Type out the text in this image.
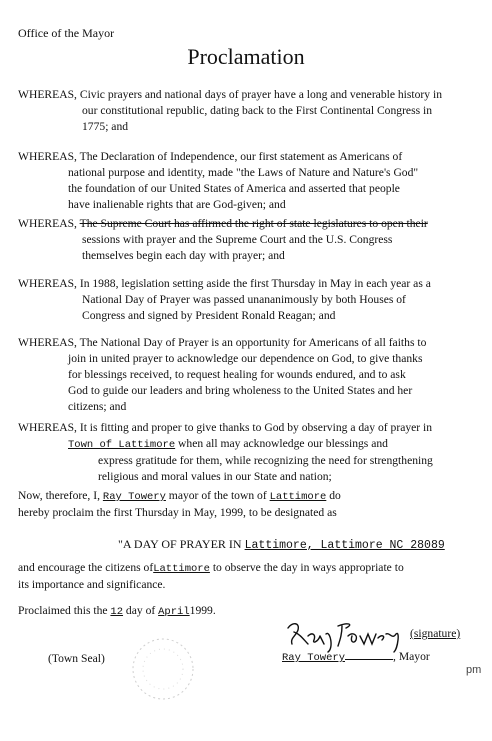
Office of the Mayor
Proclamation
WHEREAS, Civic prayers and national days of prayer have a long and venerable history in
our constitutional republic, dating back to the First Continental Congress in
1775; and
WHEREAS, The Declaration of Independence, our first statement as Americans of
national purpose and identity, made "the Laws of Nature and Nature's God"
the foundation of our United States of America and asserted that people
have inalienable rights that are God-given; and
WHEREAS, The Supreme Court has affirmed the right of state legislatures to open their
sessions with prayer and the Supreme Court and the U.S. Congress
themselves begin each day with prayer; and
WHEREAS, In 1988, legislation setting aside the first Thursday in May in each year as a
National Day of Prayer was passed unananimously by both Houses of
Congress and signed by President Ronald Reagan; and
WHEREAS, The National Day of Prayer is an opportunity for Americans of all faiths to
join in united prayer to acknowledge our dependence on God, to give thanks
for blessings received, to request healing for wounds endured, and to ask
God to guide our leaders and bring wholeness to the United States and her
citizens; and
WHEREAS, It is fitting and proper to give thanks to God by observing a day of prayer in
Town of Lattimore when all may acknowledge our blessings and
express gratitude for them, while recognizing the need for strengthening
religious and moral values in our State and nation;
Now, therefore, I, Ray Towery mayor of the town of Lattimore do
hereby proclaim the first Thursday in May, 1999, to be designated as
"A DAY OF PRAYER IN Lattimore, Lattimore NC 28089
and encourage the citizens ofLattimore to observe the day in ways appropriate to
its importance and significance.
Proclaimed this the 12 day of April1999.
(signature)
Ray Towery	, Mayor
(Town Seal)
pm
